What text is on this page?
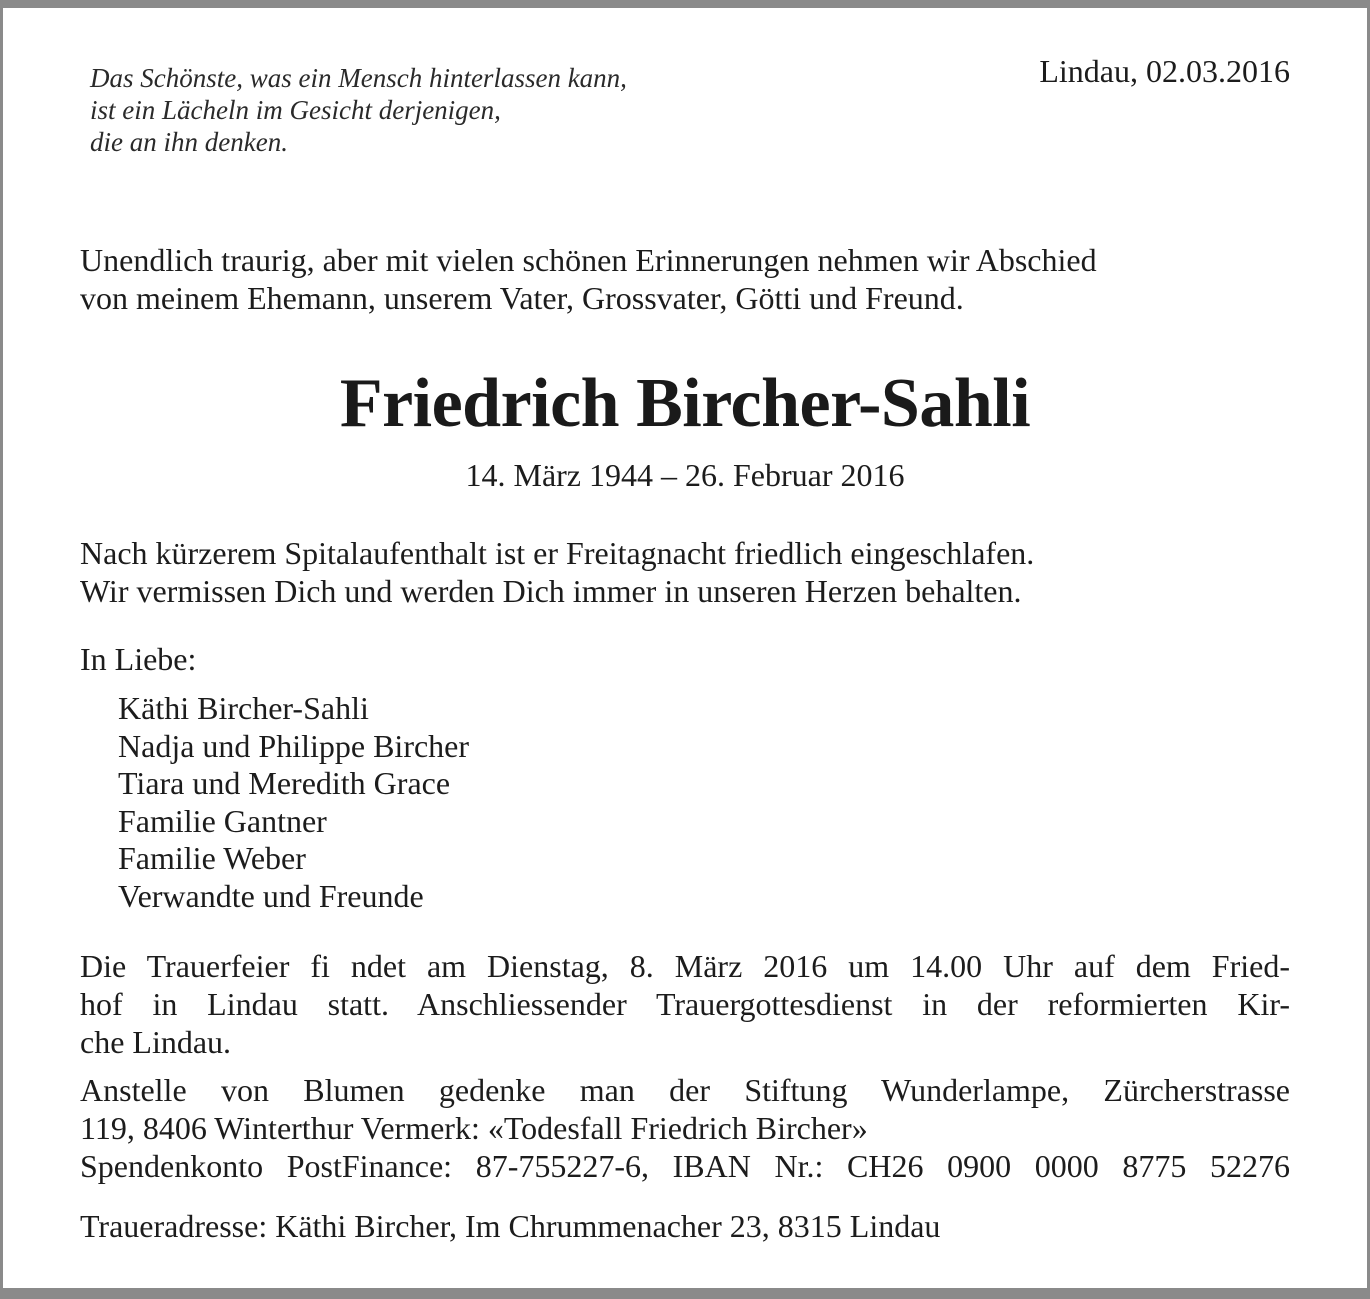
Das Schönste, was ein Mensch hinterlassen kann,
ist ein Lächeln im Gesicht derjenigen,
die an ihn denken.
Lindau, 02.03.2016
Unendlich traurig, aber mit vielen schönen Erinnerungen nehmen wir Abschied
von meinem Ehemann, unserem Vater, Grossvater, Götti und Freund.
Friedrich Bircher-Sahli
14. März 1944 – 26. Februar 2016
Nach kürzerem Spitalaufenthalt ist er Freitagnacht friedlich eingeschlafen.
Wir vermissen Dich und werden Dich immer in unseren Herzen behalten.
In Liebe:
Käthi Bircher-Sahli
Nadja und Philippe Bircher
Tiara und Meredith Grace
Familie Gantner
Familie Weber
Verwandte und Freunde
Die Trauerfeier fi ndet am Dienstag, 8. März 2016 um 14.00 Uhr auf dem Fried-
hof in Lindau statt. Anschliessender Trauergottesdienst in der reformierten Kir-
che Lindau.
Anstelle von Blumen gedenke man der Stiftung Wunderlampe, Zürcherstrasse
119, 8406 Winterthur Vermerk: «Todesfall Friedrich Bircher»
Spendenkonto PostFinance: 87-755227-6, IBAN Nr.: CH26 0900 0000 8775 52276
Traueradresse: Käthi Bircher, Im Chrummenacher 23, 8315 Lindau
